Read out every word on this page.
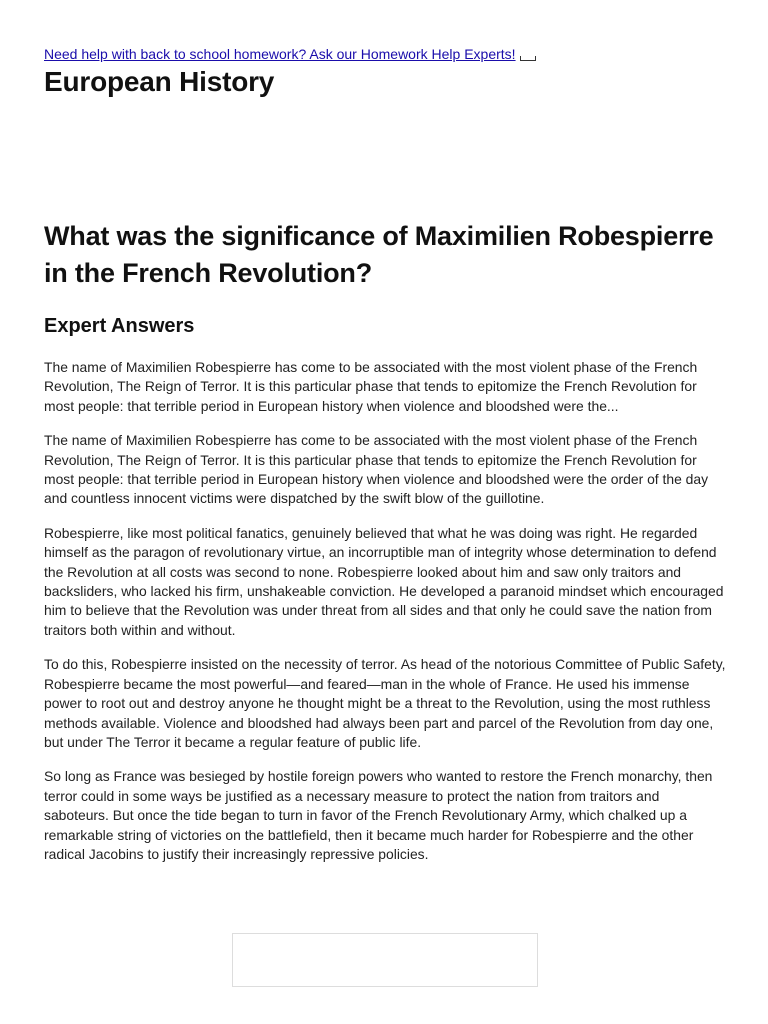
Need help with back to school homework? Ask our Homework Help Experts!
European History
What was the significance of Maximilien Robespierre in the French Revolution?
Expert Answers

The name of Maximilien Robespierre has come to be associated with the most violent phase of the French Revolution, The Reign of Terror. It is this particular phase that tends to epitomize the French Revolution for most people: that terrible period in European history when violence and bloodshed were the...

The name of Maximilien Robespierre has come to be associated with the most violent phase of the French Revolution, The Reign of Terror. It is this particular phase that tends to epitomize the French Revolution for most people: that terrible period in European history when violence and bloodshed were the order of the day and countless innocent victims were dispatched by the swift blow of the guillotine.

Robespierre, like most political fanatics, genuinely believed that what he was doing was right. He regarded himself as the paragon of revolutionary virtue, an incorruptible man of integrity whose determination to defend the Revolution at all costs was second to none. Robespierre looked about him and saw only traitors and backsliders, who lacked his firm, unshakeable conviction. He developed a paranoid mindset which encouraged him to believe that the Revolution was under threat from all sides and that only he could save the nation from traitors both within and without.

To do this, Robespierre insisted on the necessity of terror. As head of the notorious Committee of Public Safety, Robespierre became the most powerful—and feared—man in the whole of France. He used his immense power to root out and destroy anyone he thought might be a threat to the Revolution, using the most ruthless methods available. Violence and bloodshed had always been part and parcel of the Revolution from day one, but under The Terror it became a regular feature of public life.

So long as France was besieged by hostile foreign powers who wanted to restore the French monarchy, then terror could in some ways be justified as a necessary measure to protect the nation from traitors and saboteurs. But once the tide began to turn in favor of the French Revolutionary Army, which chalked up a remarkable string of victories on the battlefield, then it became much harder for Robespierre and the other radical Jacobins to justify their increasingly repressive policies.
